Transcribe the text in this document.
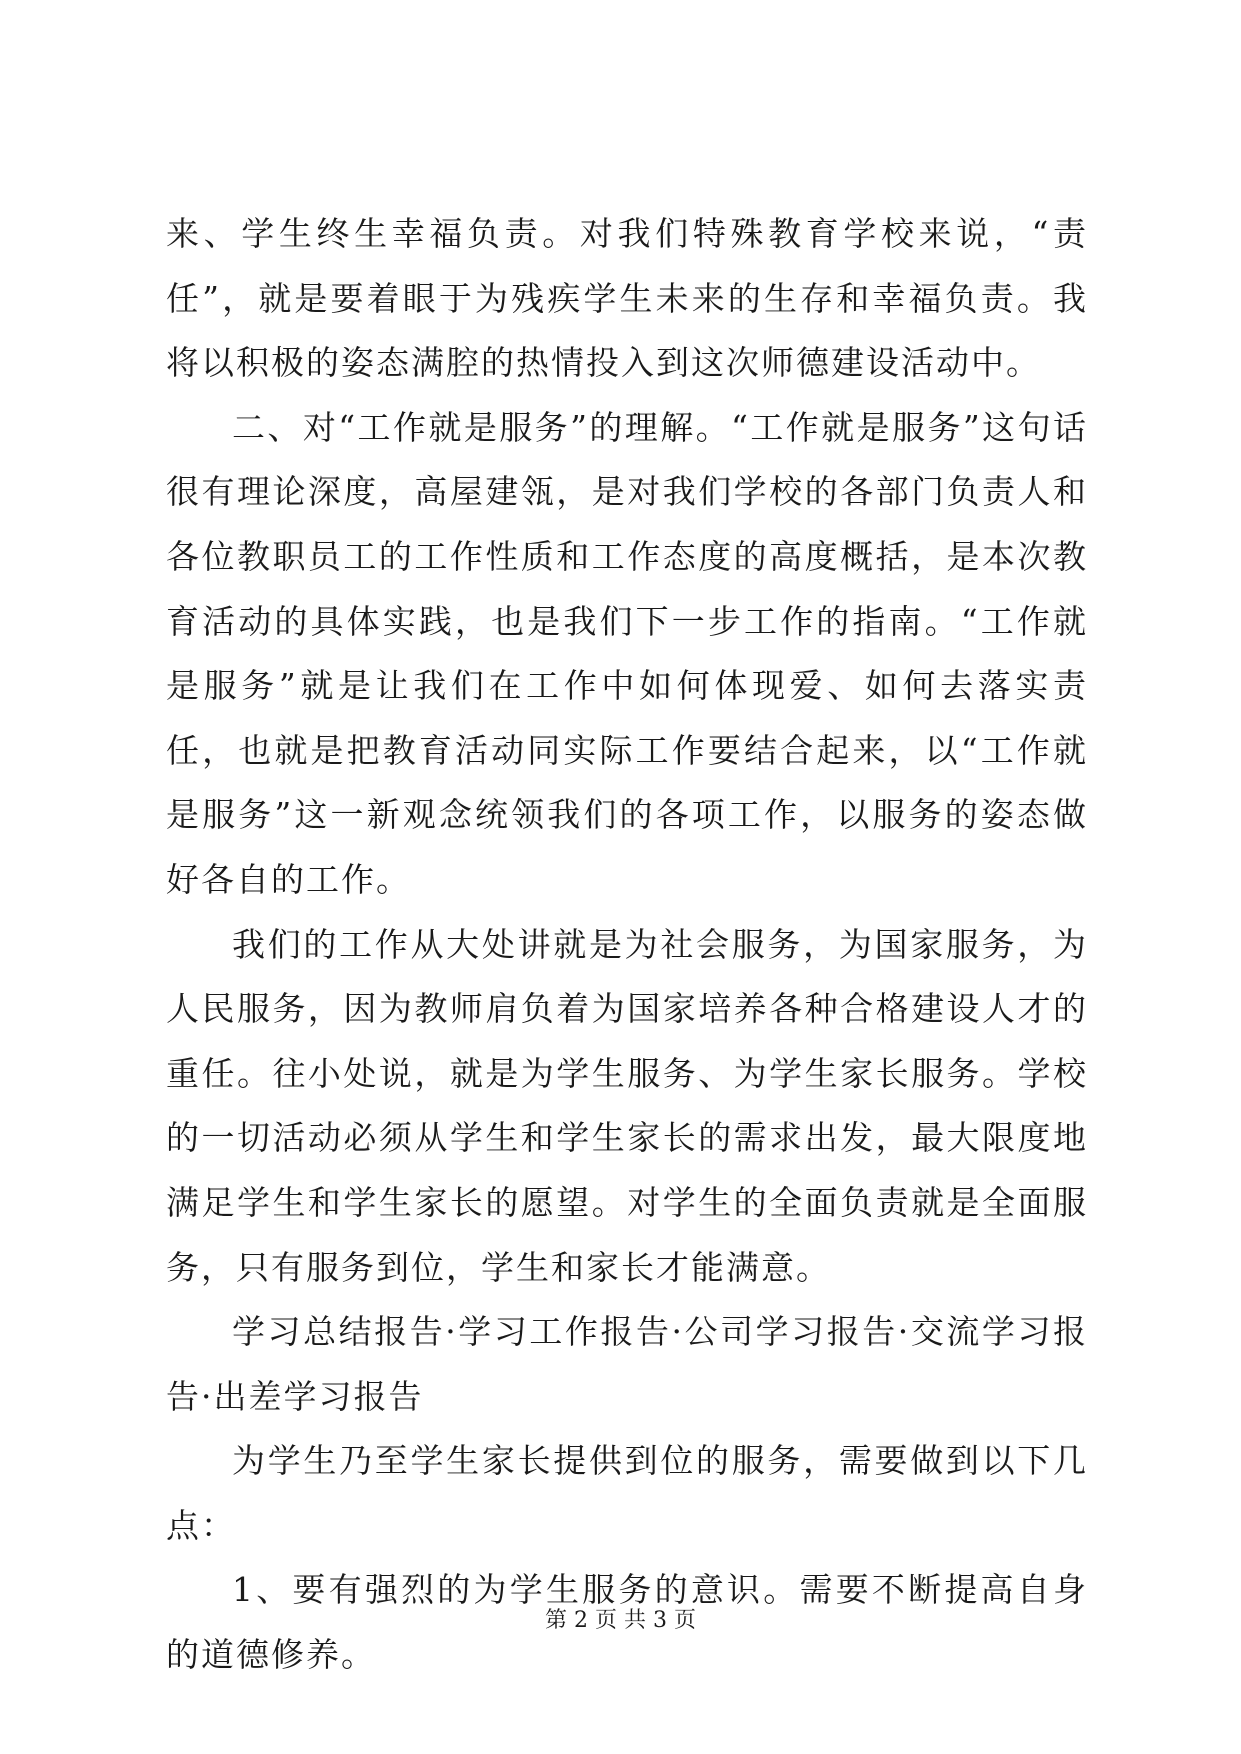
来、学生终生幸福负责。对我们特殊教育学校来说，“责任”，就是要着眼于为残疾学生未来的生存和幸福负责。我将以积极的姿态满腔的热情投入到这次师德建设活动中。

二、对“工作就是服务”的理解。“工作就是服务”这句话很有理论深度，高屋建瓴，是对我们学校的各部门负责人和各位教职员工的工作性质和工作态度的高度概括，是本次教育活动的具体实践，也是我们下一步工作的指南。“工作就是服务”就是让我们在工作中如何体现爱、如何去落实责任，也就是把教育活动同实际工作要结合起来，以“工作就是服务”这一新观念统领我们的各项工作，以服务的姿态做好各自的工作。

我们的工作从大处讲就是为社会服务，为国家服务，为人民服务，因为教师肩负着为国家培养各种合格建设人才的重任。往小处说，就是为学生服务、为学生家长服务。学校的一切活动必须从学生和学生家长的需求出发，最大限度地满足学生和学生家长的愿望。对学生的全面负责就是全面服务，只有服务到位，学生和家长才能满意。

学习总结报告·学习工作报告·公司学习报告·交流学习报告·出差学习报告

为学生乃至学生家长提供到位的服务，需要做到以下几点：

1、要有强烈的为学生服务的意识。需要不断提高自身的道德修养。

第 2 页 共 3 页
